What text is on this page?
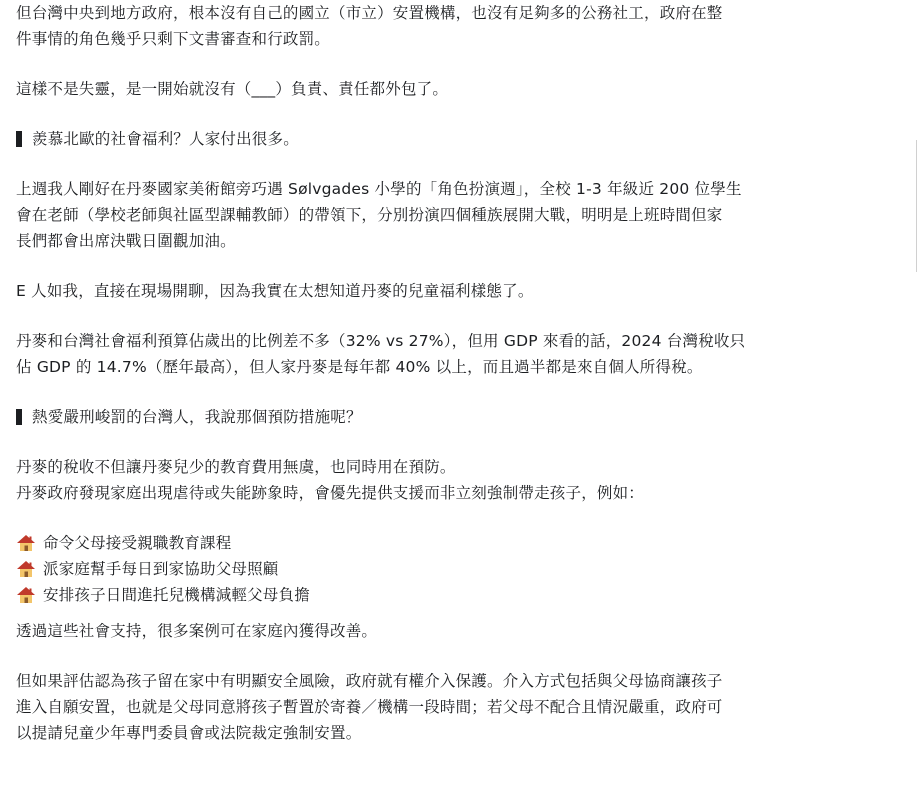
但台灣中央到地方政府，根本沒有自己的國立（市立）安置機構，也沒有足夠多的公務社工，政府在整
件事情的角色幾乎只剩下文書審查和行政罰。

這樣不是失靈，是一開始就沒有（___）負責、責任都外包了。

羨慕北歐的社會福利？人家付出很多。

上週我人剛好在丹麥國家美術館旁巧遇 Sølvgades 小學的「角色扮演週」，全校 1-3 年級近 200 位學生
會在老師（學校老師與社區型課輔教師）的帶領下，分別扮演四個種族展開大戰，明明是上班時間但家
長們都會出席決戰日圍觀加油。

E 人如我，直接在現場開聊，因為我實在太想知道丹麥的兒童福利樣態了。

丹麥和台灣社會福利預算佔歲出的比例差不多（32% vs 27%），但用 GDP 來看的話，2024 台灣稅收只
佔 GDP 的 14.7%（歷年最高），但人家丹麥是每年都 40% 以上，而且過半都是來自個人所得稅。

熱愛嚴刑峻罰的台灣人，我說那個預防措施呢？

丹麥的稅收不但讓丹麥兒少的教育費用無虞，也同時用在預防。
丹麥政府發現家庭出現虐待或失能跡象時，會優先提供支援而非立刻強制帶走孩子，例如：

命令父母接受親職教育課程

派家庭幫手每日到家協助父母照顧

安排孩子日間進托兒機構減輕父母負擔

透過這些社會支持，很多案例可在家庭內獲得改善。

但如果評估認為孩子留在家中有明顯安全風險，政府就有權介入保護。介入方式包括與父母協商讓孩子
進入自願安置，也就是父母同意將孩子暫置於寄養／機構一段時間；若父母不配合且情況嚴重，政府可
以提請兒童少年專門委員會或法院裁定強制安置。
